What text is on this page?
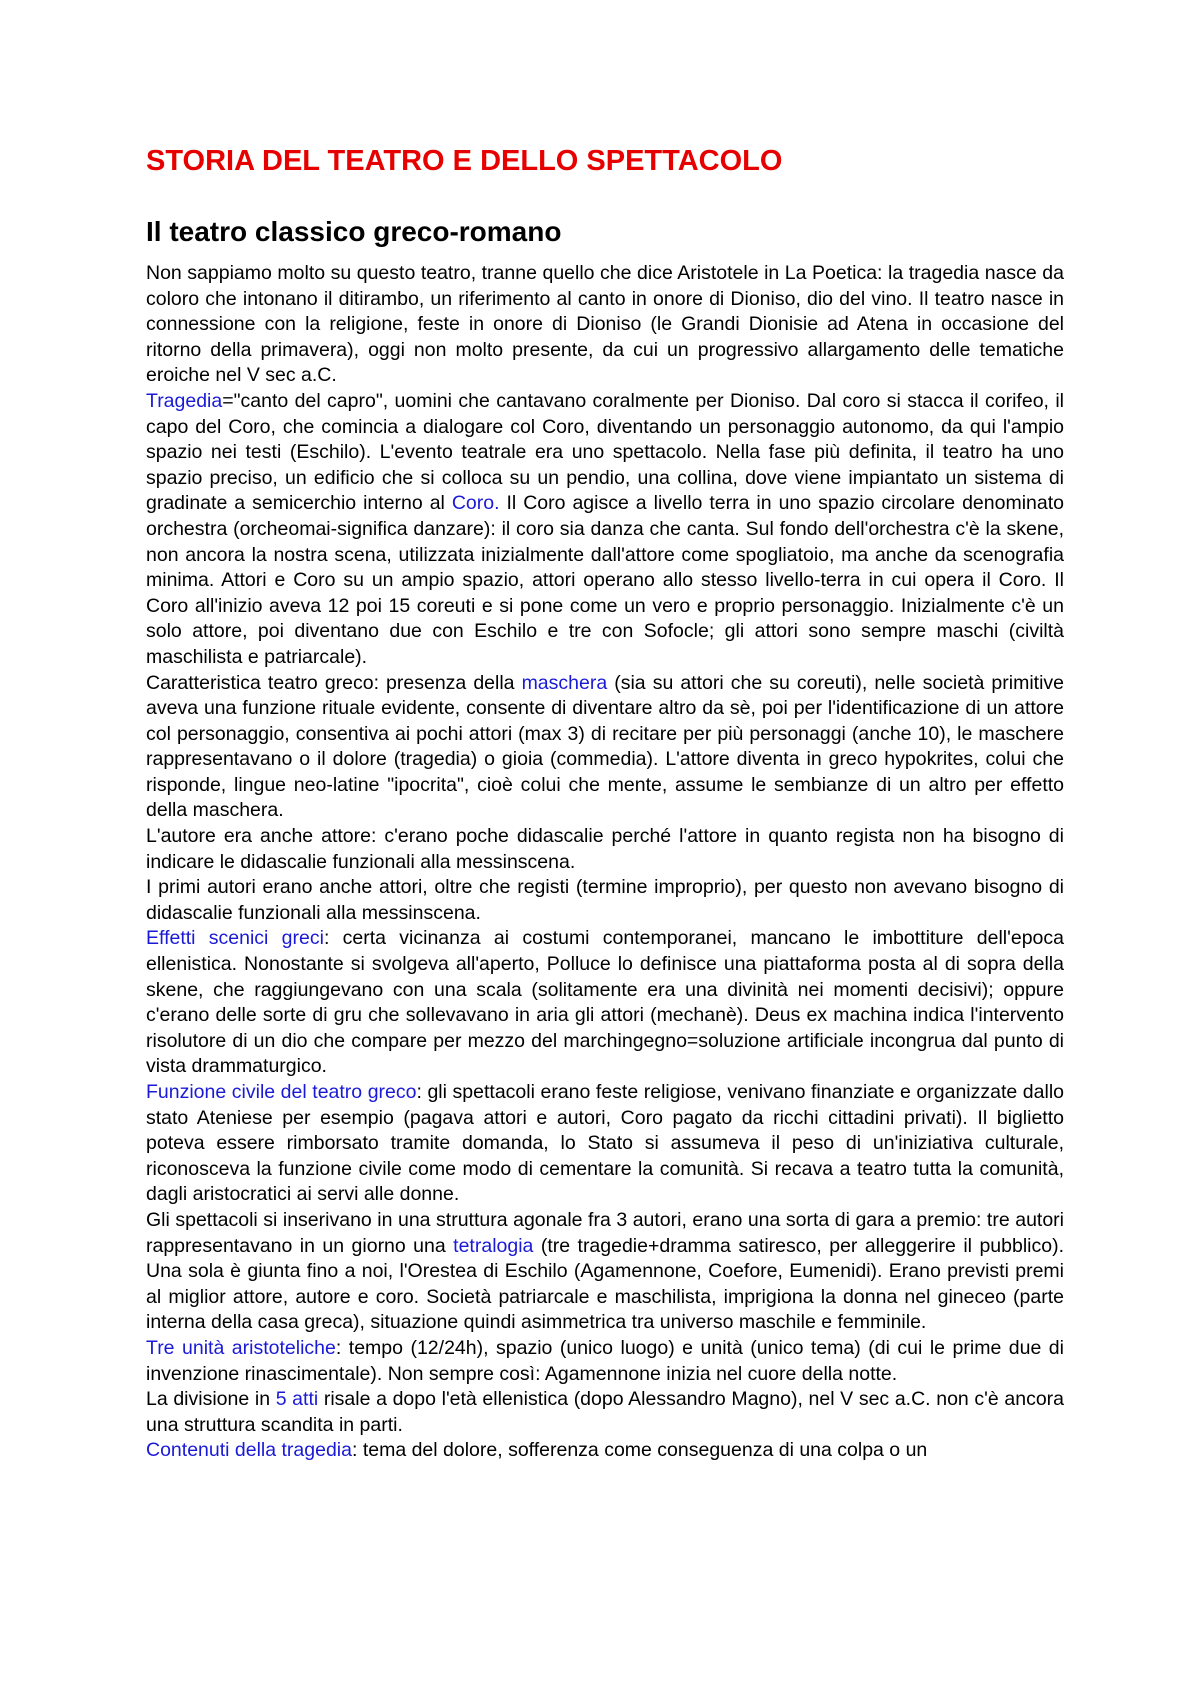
STORIA DEL TEATRO E DELLO SPETTACOLO
Il teatro classico greco-romano

Non sappiamo molto su questo teatro, tranne quello che dice Aristotele in La Poetica: la tragedia nasce da coloro che intonano il ditirambo, un riferimento al canto in onore di Dioniso, dio del vino. Il teatro nasce in connessione con la religione, feste in onore di Dioniso (le Grandi Dionisie ad Atena in occasione del ritorno della primavera), oggi non molto presente, da cui un progressivo allargamento delle tematiche eroiche nel V sec a.C.

Tragedia="canto del capro", uomini che cantavano coralmente per Dioniso. Dal coro si stacca il corifeo, il capo del Coro, che comincia a dialogare col Coro, diventando un personaggio autonomo, da qui l'ampio spazio nei testi (Eschilo). L'evento teatrale era uno spettacolo. Nella fase più definita, il teatro ha uno spazio preciso, un edificio che si colloca su un pendio, una collina, dove viene impiantato un sistema di gradinate a semicerchio interno al Coro. Il Coro agisce a livello terra in uno spazio circolare denominato orchestra (orcheomai-significa danzare): il coro sia danza che canta. Sul fondo dell'orchestra c'è la skene, non ancora la nostra scena, utilizzata inizialmente dall'attore come spogliatoio, ma anche da scenografia minima. Attori e Coro su un ampio spazio, attori operano allo stesso livello-terra in cui opera il Coro. Il Coro all'inizio aveva 12 poi 15 coreuti e si pone come un vero e proprio personaggio. Inizialmente c'è un solo attore, poi diventano due con Eschilo e tre con Sofocle; gli attori sono sempre maschi (civiltà maschilista e patriarcale).

Caratteristica teatro greco: presenza della maschera (sia su attori che su coreuti), nelle società primitive aveva una funzione rituale evidente, consente di diventare altro da sè, poi per l'identificazione di un attore col personaggio, consentiva ai pochi attori (max 3) di recitare per più personaggi (anche 10), le maschere rappresentavano o il dolore (tragedia) o gioia (commedia). L'attore diventa in greco hypokrites, colui che risponde, lingue neo-latine "ipocrita", cioè colui che mente, assume le sembianze di un altro per effetto della maschera.

L'autore era anche attore: c'erano poche didascalie perché l'attore in quanto regista non ha bisogno di indicare le didascalie funzionali alla messinscena.

I primi autori erano anche attori, oltre che registi (termine improprio), per questo non avevano bisogno di didascalie funzionali alla messinscena.

Effetti scenici greci: certa vicinanza ai costumi contemporanei, mancano le imbottiture dell'epoca ellenistica. Nonostante si svolgeva all'aperto, Polluce lo definisce una piattaforma posta al di sopra della skene, che raggiungevano con una scala (solitamente era una divinità nei momenti decisivi); oppure c'erano delle sorte di gru che sollevavano in aria gli attori (mechanè). Deus ex machina indica l'intervento risolutore di un dio che compare per mezzo del marchingegno=soluzione artificiale incongrua dal punto di vista drammaturgico.

Funzione civile del teatro greco: gli spettacoli erano feste religiose, venivano finanziate e organizzate dallo stato Ateniese per esempio (pagava attori e autori, Coro pagato da ricchi cittadini privati). Il biglietto poteva essere rimborsato tramite domanda, lo Stato si assumeva il peso di un'iniziativa culturale, riconosceva la funzione civile come modo di cementare la comunità. Si recava a teatro tutta la comunità, dagli aristocratici ai servi alle donne.

Gli spettacoli si inserivano in una struttura agonale fra 3 autori, erano una sorta di gara a premio: tre autori rappresentavano in un giorno una tetralogia (tre tragedie+dramma satiresco, per alleggerire il pubblico). Una sola è giunta fino a noi, l'Orestea di Eschilo (Agamennone, Coefore, Eumenidi). Erano previsti premi al miglior attore, autore e coro. Società patriarcale e maschilista, imprigiona la donna nel gineceo (parte interna della casa greca), situazione quindi asimmetrica tra universo maschile e femminile.

Tre unità aristoteliche: tempo (12/24h), spazio (unico luogo) e unità (unico tema) (di cui le prime due di invenzione rinascimentale). Non sempre così: Agamennone inizia nel cuore della notte.

La divisione in 5 atti risale a dopo l'età ellenistica (dopo Alessandro Magno), nel V sec a.C. non c'è ancora una struttura scandita in parti.

Contenuti della tragedia: tema del dolore, sofferenza come conseguenza di una colpa o un
